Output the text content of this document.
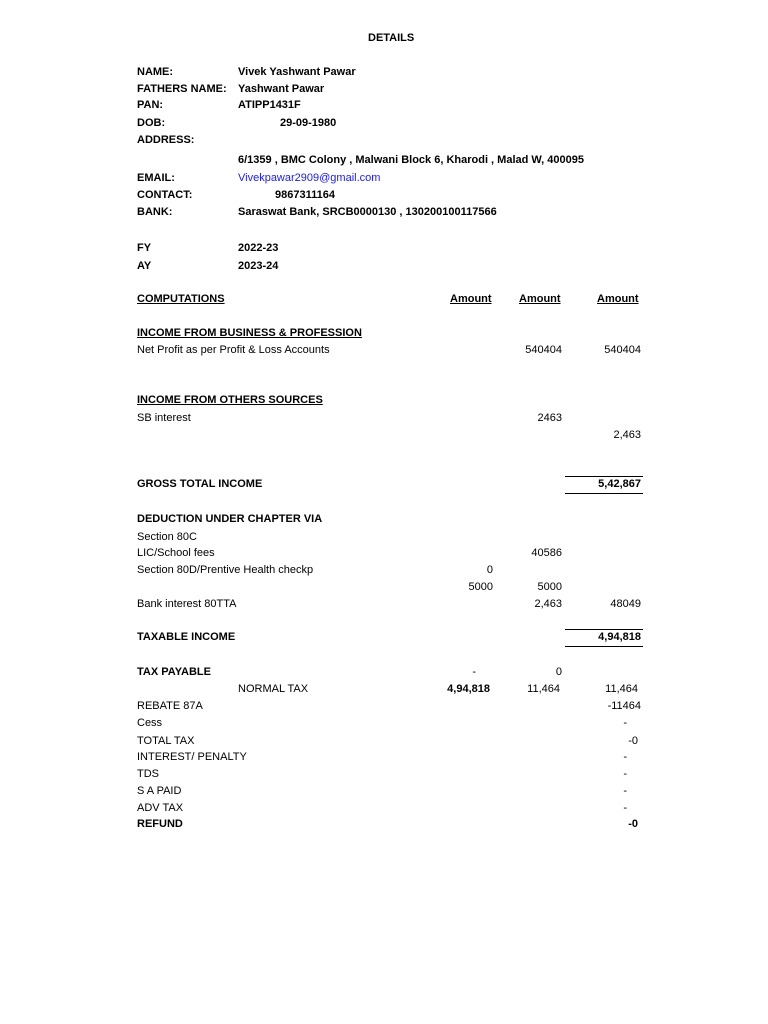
DETAILS
NAME:	Vivek Yashwant Pawar
FATHERS NAME: Yashwant Pawar
PAN:	ATIPP1431F
DOB:	29-09-1980
ADDRESS:
6/1359 , BMC Colony , Malwani Block 6, Kharodi , Malad W, 400095
EMAIL:	Vivekpawar2909@gmail.com
CONTACT:	9867311164
BANK:	Saraswat Bank, SRCB0000130 , 130200100117566
FY	2022-23
AY	2023-24
COMPUTATIONS	Amount Amount	Amount
INCOME FROM BUSINESS & PROFESSION
Net Profit as per Profit & Loss Accounts	540404	540404
INCOME FROM OTHERS SOURCES
SB interest	2463
2,463
GROSS TOTAL INCOME	5,42,867
DEDUCTION UNDER CHAPTER VIA
Section 80C
LIC/School fees	40586
Section 80D/Prentive Health checkp	0
5000	5000
Bank interest 80TTA	2,463	48049
TAXABLE INCOME	4,94,818
TAX PAYABLE	-	0
NORMAL TAX	4,94,818	11,464	11,464
REBATE 87A	-11464
Cess	-
TOTAL TAX	-0
INTEREST/ PENALTY	-
TDS	-
S A PAID	-
ADV TAX	-
REFUND	-0
